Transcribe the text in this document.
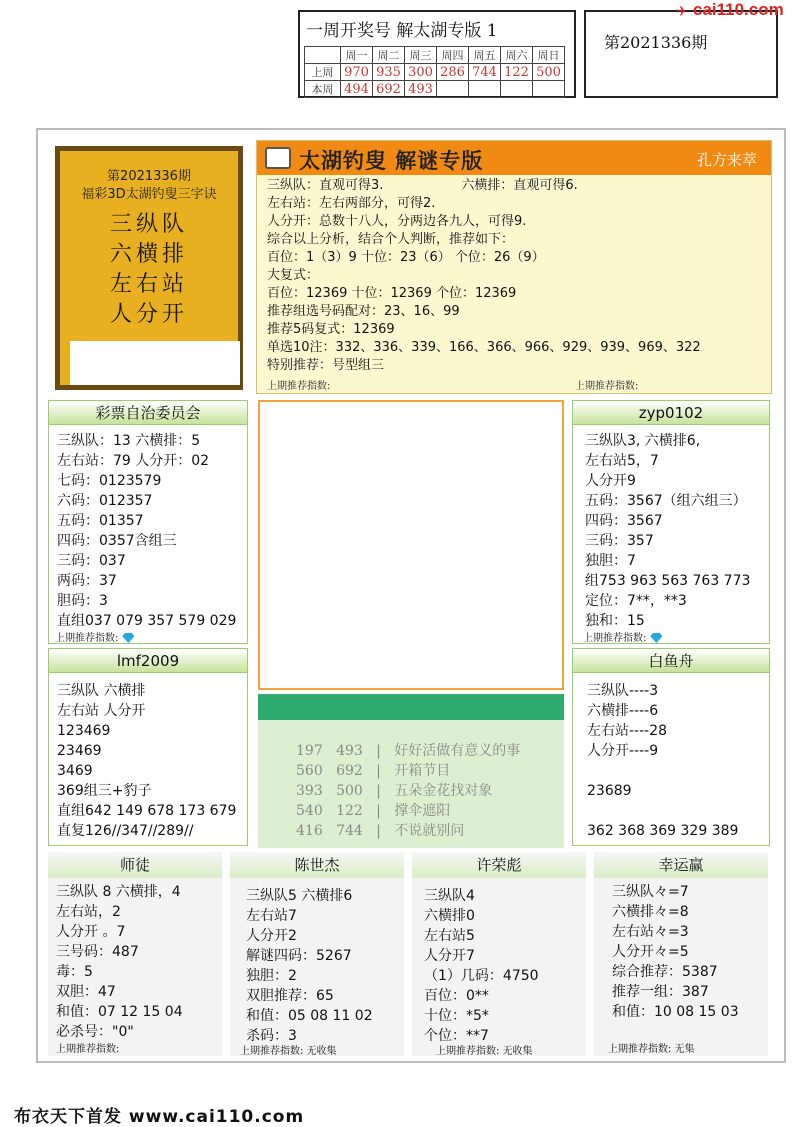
一周开奖号 解太湖专版 1
	周一	周二	周三	周四	周五	周六	周日
上周	970	935	300	286	744	122	500
本周	494	692	493				
第2021336期
✈ cai110.com
第2021336期
福彩3D太湖钓叟三字诀
三纵队
六横排
左右站
人分开
太湖钓叟 解谜专版	孔方来萃
三纵队：直观可得3.	六横排：直观可得6.
左右站：左右两部分，可得2.
人分开：总数十八人，分两边各九人，可得9.
综合以上分析，结合个人判断，推荐如下：
百位：1（3）9 十位：23（6） 个位：26（9）
大复式：
百位：12369 十位：12369 个位：12369
推荐组选号码配对：23、16、99
推荐5码复式：12369
单选10注：332、336、339、166、366、966、929、939、969、322
特别推荐：号型组三
上期推荐指数:	上期推荐指数:
彩票自治委员会
三纵队：13 六横排：5
左右站：79 人分开：02
七码：0123579
六码：012357
五码：01357
四码：0357含组三
三码：037
两码：37
胆码：3
直组037 079 357 579 029
上期推荐指数:
zyp0102
三纵队3, 六横排6,
左右站5，7
人分开9
五码：3567（组六组三）
四码：3567
三码：357
独胆：7
组753 963 563 763 773
定位：7**，**3
独和：15
上期推荐指数:
lmf2009
三纵队 六横排
左右站 人分开
123469
23469
3469
369组三+豹子
直组642 149 678 173 679
直复126//347//289//
白鱼舟
三纵队----3
六横排----6
左右站----28
人分开----9
23689
362 368 369 329 389
197 493   |   好好活做有意义的事
560 692   |   开箱节目
393 500   |   五朵金花找对象
540 122   |   撑伞遮阳
416 744   |   不说就别问
师徒
三纵队 8 六横排，4
左右站，2
人分开 。7
三号码：487
毒：5
双胆：47
和值：07 12 15 04
必杀号："0"
上期推荐指数:
陈世杰
三纵队5 六横排6
左右站7
人分开2
解谜四码：5267
独胆：2
双胆推荐：65
和值：05 08 11 02
杀码：3
上期推荐指数: 无收集
许荣彪
三纵队4
六横排0
左右站5
人分开7
（1）几码：4750
百位：0**
十位：*5*
个位：**7
上期推荐指数: 无收集
幸运赢
三纵队々=7
六横排々=8
左右站々=3
人分开々=5
综合推荐：5387
推荐一组：387
和值：10 08 15 03
上期推荐指数: 无集
布衣天下首发 www.cai110.com
